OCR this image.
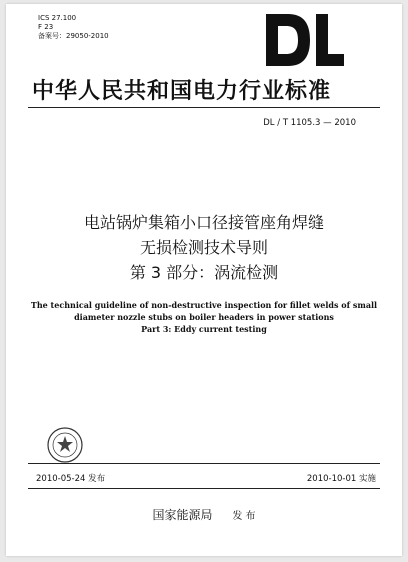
ICS 27.100
F 23
备案号：29050-2010
中华人民共和国电力行业标准
DL / T 1105.3 — 2010
电站锅炉集箱小口径接管座角焊缝
无损检测技术导则
第 3 部分：涡流检测
The technical guideline of non-destructive inspection for fillet welds of small
diameter nozzle stubs on boiler headers in power stations
Part 3: Eddy current testing
2010-05-24 发布	2010-10-01 实施
国家能源局 发 布
